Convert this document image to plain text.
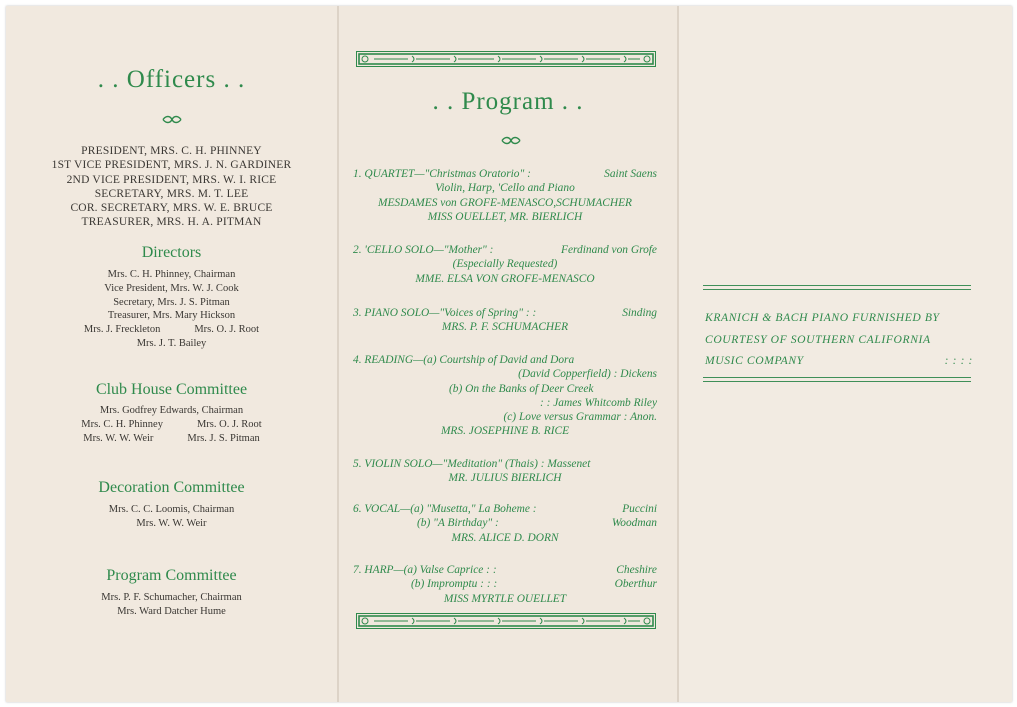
. . Officers . .
PRESIDENT, MRS. C. H. PHINNEY
1ST VICE PRESIDENT, MRS. J. N. GARDINER
2ND VICE PRESIDENT, MRS. W. I. RICE
SECRETARY, MRS. M. T. LEE
COR. SECRETARY, MRS. W. E. BRUCE
TREASURER, MRS. H. A. PITMAN
Directors
Mrs. C. H. Phinney, Chairman
Vice President, Mrs. W. J. Cook
Secretary, Mrs. J. S. Pitman
Treasurer, Mrs. Mary Hickson
Mrs. J. Freckleton	Mrs. O. J. Root
Mrs. J. T. Bailey
Club House Committee
Mrs. Godfrey Edwards, Chairman
Mrs. C. H. Phinney	Mrs. O. J. Root
Mrs. W. W. Weir	Mrs. J. S. Pitman
Decoration Committee
Mrs. C. C. Loomis, Chairman
Mrs. W. W. Weir
Program Committee
Mrs. P. F. Schumacher, Chairman
Mrs. Ward Datcher Hume
. . Program . .
1. QUARTET—"Christmas Oratorio" :	Saint Saens
Violin, Harp, 'Cello and Piano
MESDAMES von GROFE-MENASCO,SCHUMACHER
MISS OUELLET, MR. BIERLICH
2. 'CELLO SOLO—"Mother" :	Ferdinand von Grofe
(Especially Requested)
MME. ELSA VON GROFE-MENASCO
3. PIANO SOLO—"Voices of Spring" : :	Sinding
MRS. P. F. SCHUMACHER
4. READING—(a) Courtship of David and Dora
(David Copperfield) : Dickens
(b) On the Banks of Deer Creek
: : James Whitcomb Riley
(c) Love versus Grammar : Anon.
MRS. JOSEPHINE B. RICE
5. VIOLIN SOLO—"Meditation" (Thais) : Massenet
MR. JULIUS BIERLICH
6. VOCAL—(a) "Musetta," La Boheme :	Puccini
(b) "A Birthday" :	Woodman
MRS. ALICE D. DORN
7. HARP—(a) Valse Caprice : :	Cheshire
(b) Impromptu : : :	Oberthur
MISS MYRTLE OUELLET
KRANICH & BACH PIANO FURNISHED BY
COURTESY OF SOUTHERN CALIFORNIA
MUSIC COMPANY	: : : :
